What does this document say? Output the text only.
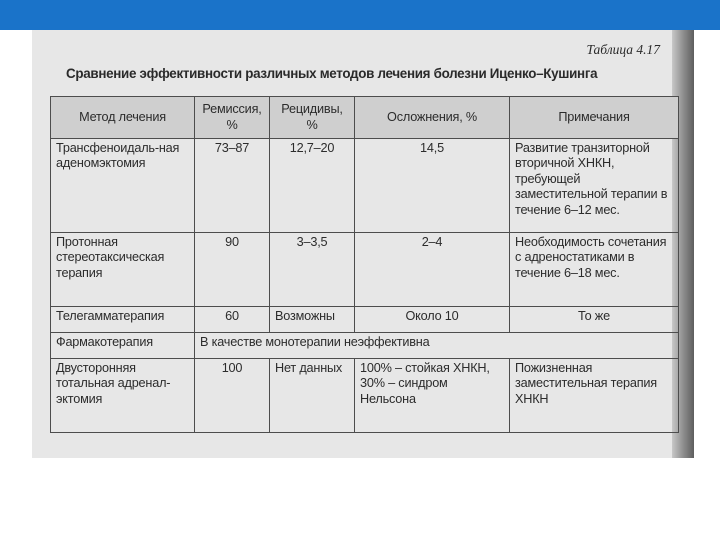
Таблица 4.17
Сравнение эффективности различных методов лечения болезни Иценко–Кушинга
Метод лечения	Ремиссия, %	Рецидивы, %	Осложнения, %	Примечания
Трансфеноидаль-ная аденомэктомия	73–87	12,7–20	14,5	Развитие транзиторной вторичной ХНКН, требующей заместительной терапии в течение 6–12 мес.
Протонная стереотаксическая терапия	90	3–3,5	2–4	Необходимость сочетания с адреностатиками в течение 6–18 мес.
Телегамматерапия	60	Возможны	Около 10	То же
Фармакотерапия	В качестве монотерапии неэффективна			
Двусторонняя тотальная адренал-эктомия	100	Нет данных	100% – стойкая ХНКН, 30% – синдром Нельсона	Пожизненная заместительная терапия ХНКН
